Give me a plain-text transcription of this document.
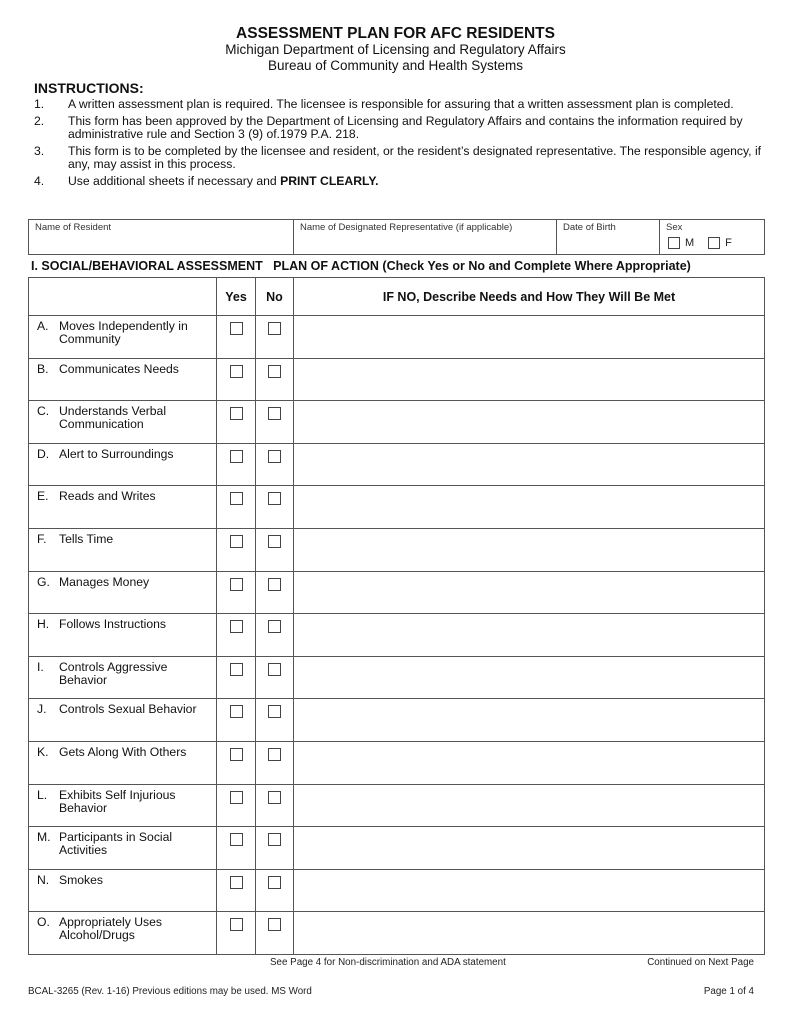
ASSESSMENT PLAN FOR AFC RESIDENTS
Michigan Department of Licensing and Regulatory Affairs
Bureau of Community and Health Systems
INSTRUCTIONS:
1.	A written assessment plan is required. The licensee is responsible for assuring that a written assessment plan is completed.
2.	This form has been approved by the Department of Licensing and Regulatory Affairs and contains the information required by administrative rule and Section 3 (9) of.1979 P.A. 218.
3.	This form is to be completed by the licensee and resident, or the resident’s designated representative. The responsible agency, if any, may assist in this process.
4.	Use additional sheets if necessary and PRINT CLEARLY.
Name of Resident	Name of Designated Representative (if applicable)	Date of Birth	Sex
M	F
I. SOCIAL/BEHAVIORAL ASSESSMENT PLAN OF ACTION (Check Yes or No and Complete Where Appropriate)
Yes	No	IF NO, Describe Needs and How They Will Be Met
A. Moves Independently in Community
B. Communicates Needs
C. Understands Verbal Communication
D. Alert to Surroundings
E. Reads and Writes
F.	Tells Time
G. Manages Money
H. Follows Instructions
I.	Controls Aggressive Behavior
J.	Controls Sexual Behavior
K. Gets Along With Others
L. Exhibits Self Injurious Behavior
M. Participants in Social Activities
N. Smokes
O. Appropriately Uses Alcohol/Drugs
See Page 4 for Non-discrimination and ADA statement	Continued on Next Page
BCAL-3265 (Rev. 1-16) Previous editions may be used. MS Word	Page 1 of 4
